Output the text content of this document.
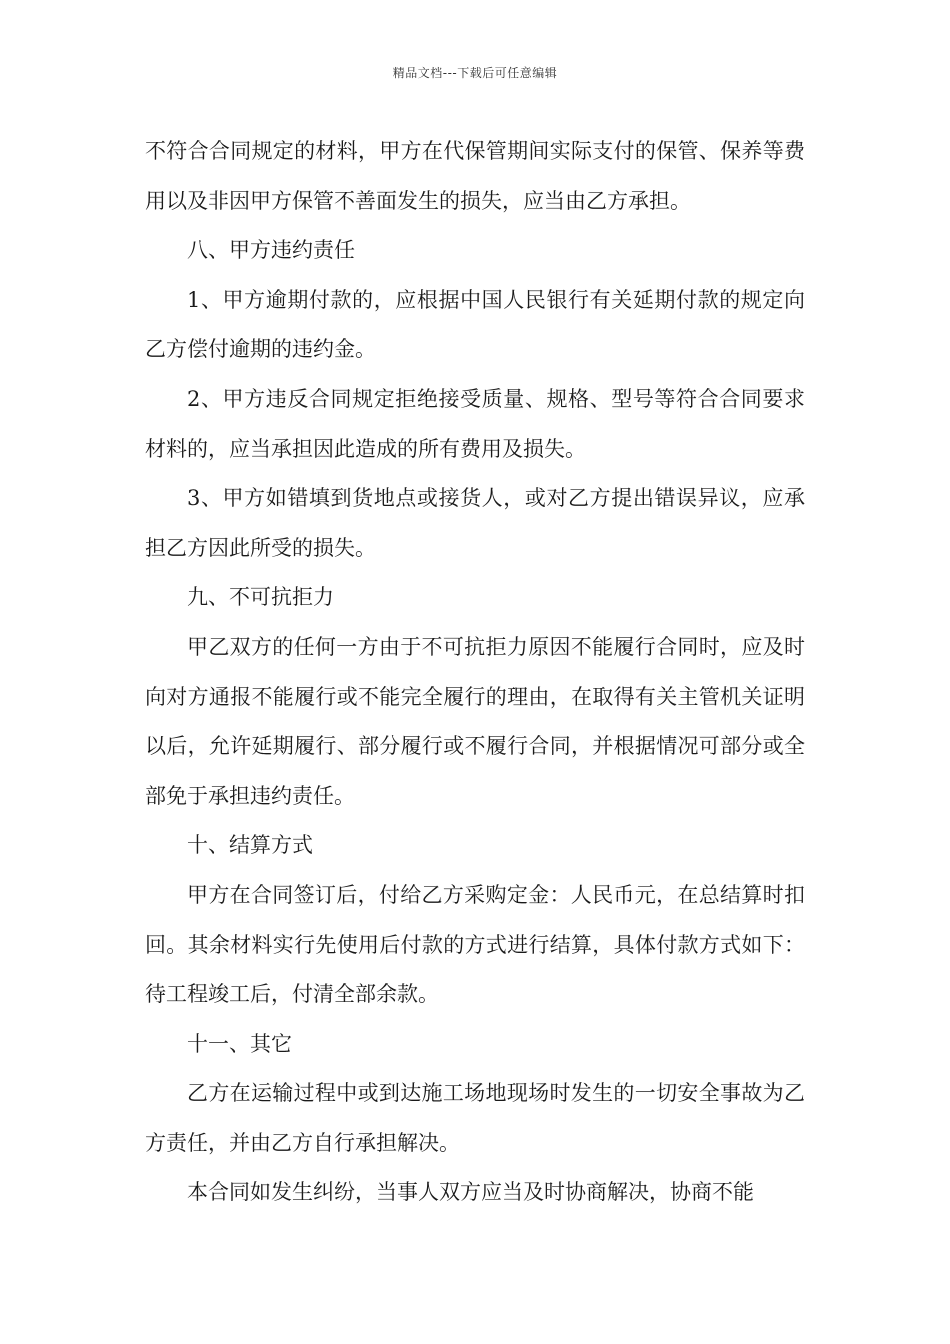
精品文档---下载后可任意编辑

不符合合同规定的材料，甲方在代保管期间实际支付的保管、保养等费用以及非因甲方保管不善面发生的损失，应当由乙方承担。

八、甲方违约责任

1、甲方逾期付款的，应根据中国人民银行有关延期付款的规定向乙方偿付逾期的违约金。

2、甲方违反合同规定拒绝接受质量、规格、型号等符合合同要求材料的，应当承担因此造成的所有费用及损失。

3、甲方如错填到货地点或接货人，或对乙方提出错误异议，应承担乙方因此所受的损失。

九、不可抗拒力

甲乙双方的任何一方由于不可抗拒力原因不能履行合同时，应及时向对方通报不能履行或不能完全履行的理由，在取得有关主管机关证明以后，允许延期履行、部分履行或不履行合同，并根据情况可部分或全部免于承担违约责任。

十、结算方式

甲方在合同签订后，付给乙方采购定金：人民币元，在总结算时扣回。其余材料实行先使用后付款的方式进行结算，具体付款方式如下：待工程竣工后，付清全部余款。

十一、其它

乙方在运输过程中或到达施工场地现场时发生的一切安全事故为乙方责任，并由乙方自行承担解决。

本合同如发生纠纷，当事人双方应当及时协商解决，协商不能
